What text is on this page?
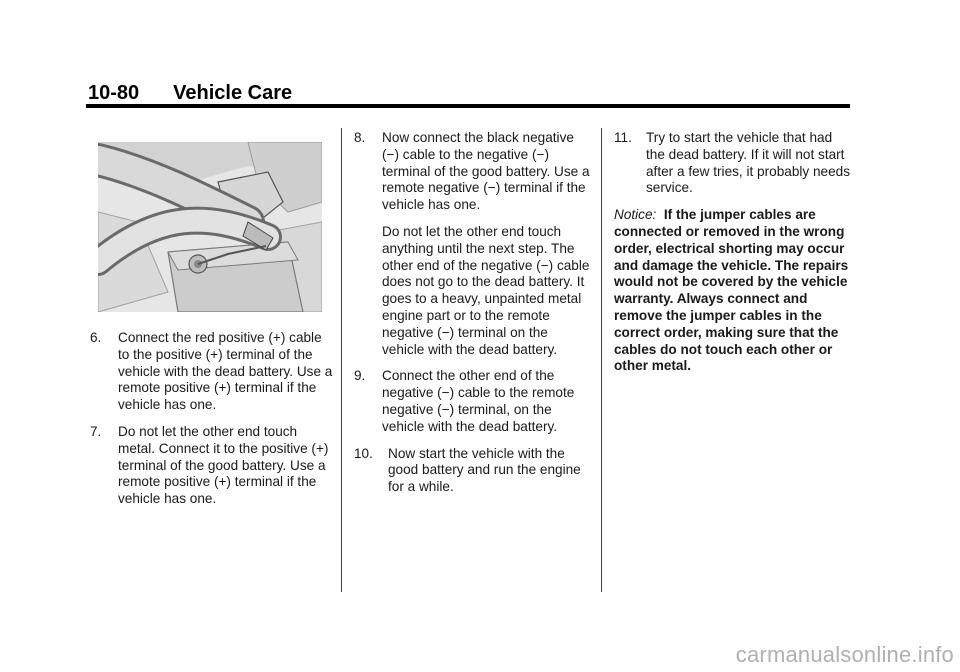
10-80 Vehicle Care
6. Connect the red positive (+) cable to the positive (+) terminal of the vehicle with the dead battery. Use a remote positive (+) terminal if the vehicle has one.

7. Do not let the other end touch metal. Connect it to the positive (+) terminal of the good battery. Use a remote positive (+) terminal if the vehicle has one.

8. Now connect the black negative (−) cable to the negative (−) terminal of the good battery. Use a remote negative (−) terminal if the vehicle has one.

Do not let the other end touch anything until the next step. The other end of the negative (−) cable does not go to the dead battery. It goes to a heavy, unpainted metal engine part or to the remote negative (−) terminal on the vehicle with the dead battery.

9. Connect the other end of the negative (−) cable to the remote negative (−) terminal, on the vehicle with the dead battery.

10. Now start the vehicle with the good battery and run the engine for a while.

11. Try to start the vehicle that had the dead battery. If it will not start after a few tries, it probably needs service.

Notice: If the jumper cables are connected or removed in the wrong order, electrical shorting may occur and damage the vehicle. The repairs would not be covered by the vehicle warranty. Always connect and remove the jumper cables in the correct order, making sure that the cables do not touch each other or other metal.

carmanualsonline.info
